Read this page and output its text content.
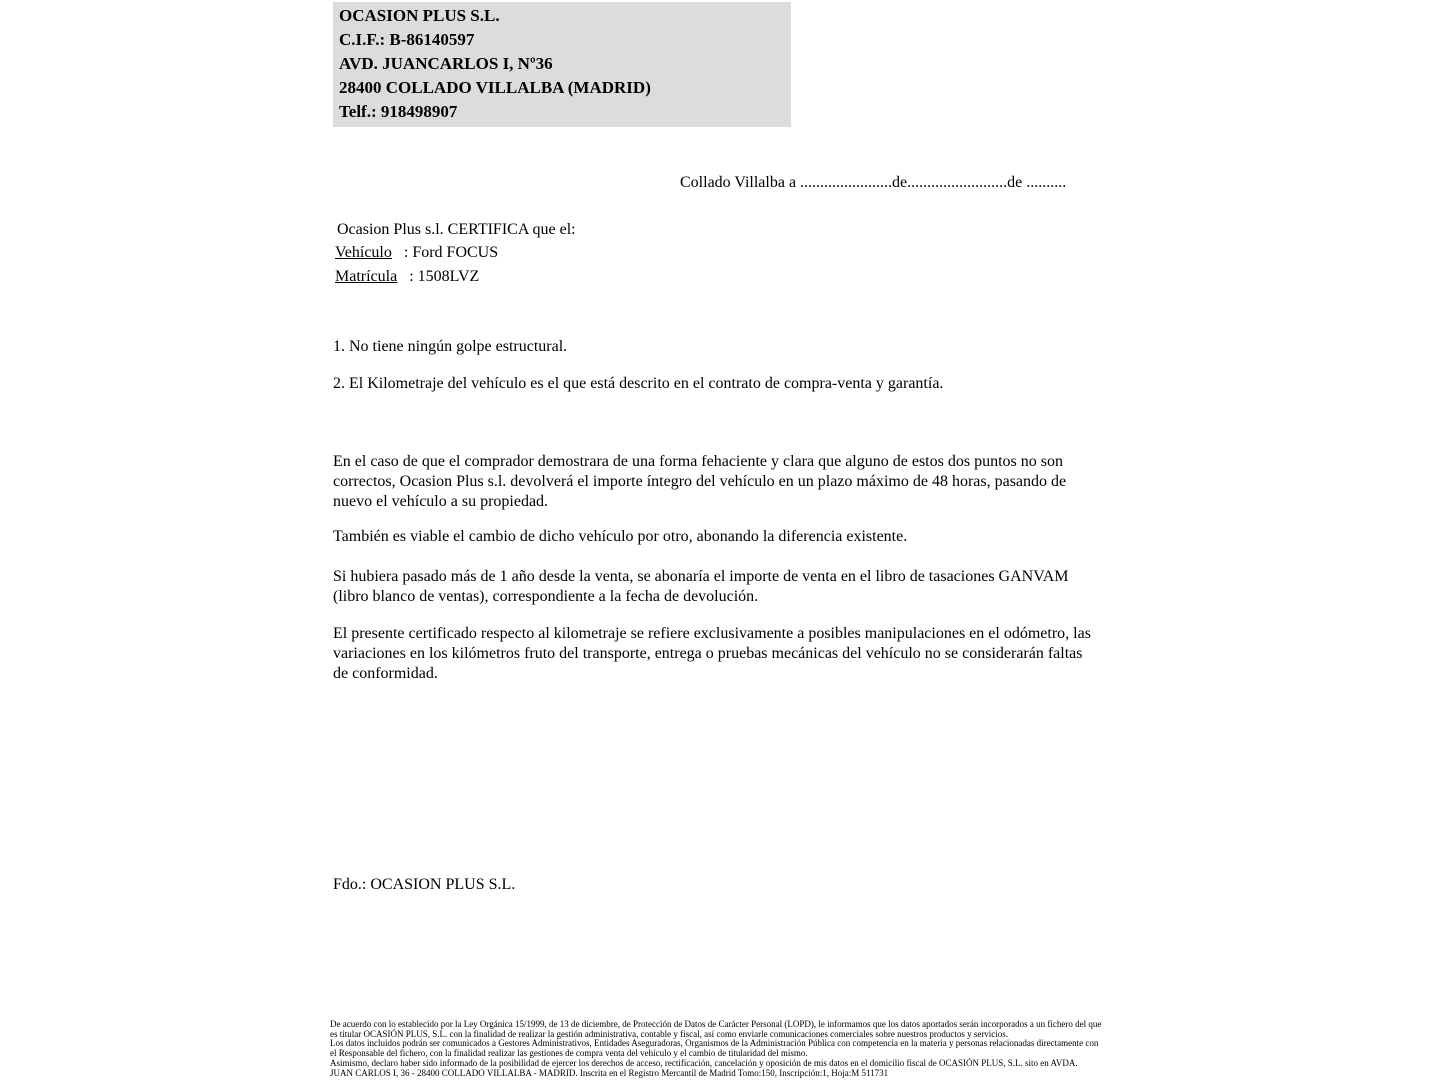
OCASION PLUS S.L.
C.I.F.: B-86140597
AVD. JUANCARLOS I, Nº36
28400 COLLADO VILLALBA (MADRID)
Telf.: 918498907
Collado Villalba a .......................de.........................de ..........
Ocasion Plus s.l. CERTIFICA que el:
Vehículo : Ford FOCUS
Matrícula : 1508LVZ
1. No tiene ningún golpe estructural.
2. El Kilometraje del vehículo es el que está descrito en el contrato de compra-venta y garantía.
En el caso de que el comprador demostrara de una forma fehaciente y clara que alguno de estos dos puntos no son correctos, Ocasion Plus s.l. devolverá el importe íntegro del vehículo en un plazo máximo de 48 horas, pasando de nuevo el vehículo a su propiedad.
También es viable el cambio de dicho vehículo por otro, abonando la diferencia existente.
Si hubiera pasado más de 1 año desde la venta, se abonaría el importe de venta en el libro de tasaciones GANVAM (libro blanco de ventas), correspondiente a la fecha de devolución.
El presente certificado respecto al kilometraje se refiere exclusivamente a posibles manipulaciones en el odómetro, las variaciones en los kilómetros fruto del transporte, entrega o pruebas mecánicas del vehículo no se considerarán faltas de conformidad.
Fdo.: OCASION PLUS S.L.

De acuerdo con lo establecido por la Ley Orgánica 15/1999, de 13 de diciembre, de Protección de Datos de Carácter Personal (LOPD), le informamos que los datos aportados serán incorporados a un fichero del que es titular OCASIÓN PLUS, S.L. con la finalidad de realizar la gestión administrativa, contable y fiscal, así como enviarle comunicaciones comerciales sobre nuestros productos y servicios.

Los datos incluidos podrán ser comunicados a Gestores Administrativos, Entidades Aseguradoras, Organismos de la Administración Pública con competencia en la materia y personas relacionadas directamente con el Responsable del fichero, con la finalidad realizar las gestiones de compra venta del vehículo y el cambio de titularidad del mismo.

Asimismo, declaro haber sido informado de la posibilidad de ejercer los derechos de acceso, rectificación, cancelación y oposición de mis datos en el domicilio fiscal de OCASIÓN PLUS, S.L. sito en AVDA. JUAN CARLOS I, 36 - 28400 COLLADO VILLALBA - MADRID. Inscrita en el Registro Mercantil de Madrid Tomo:150, Inscripción:1, Hoja:M 511731
